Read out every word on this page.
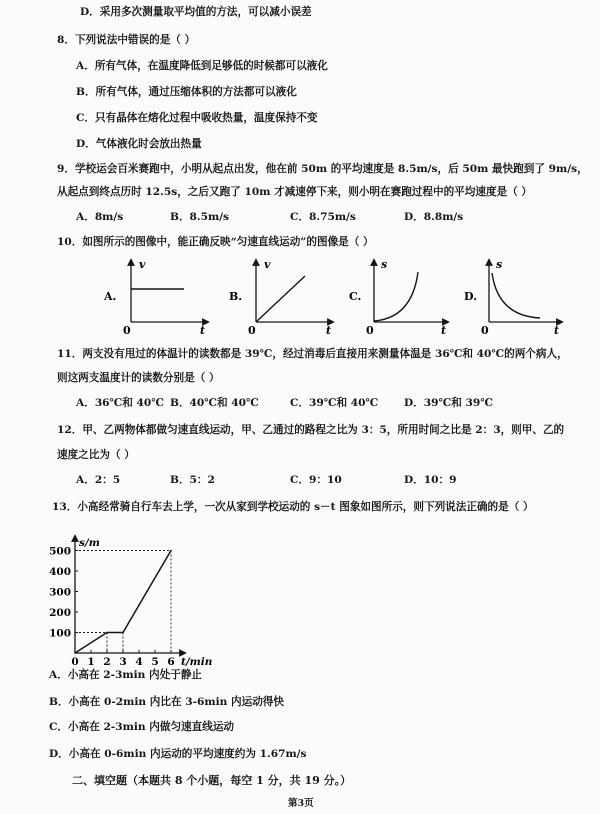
D．采用多次测量取平均值的方法，可以减小误差
8．下列说法中错误的是（ ）
A．所有气体，在温度降低到足够低的时候都可以液化
B．所有气体，通过压缩体积的方法都可以液化
C．只有晶体在熔化过程中吸收热量，温度保持不变
D．气体液化时会放出热量
9．学校运会百米赛跑中，小明从起点出发，他在前 50m 的平均速度是 8.5m/s，后 50m 最快跑到了 9m/s，
从起点到终点历时 12.5s，之后又跑了 10m 才减速停下来，则小明在赛跑过程中的平均速度是（ ）
A．8m/s	B．8.5m/s	C．8.75m/s	D．8.8m/s
10．如图所示的图像中，能正确反映“匀速直线运动”的图像是（ ）
A.
v
t
0
B.
v
t
0
C.
s
t
0
D.
s
t
0
11．两支没有甩过的体温计的读数都是 39℃，经过消毒后直接用来测量体温是 36℃和 40℃的两个病人，
则这两支温度计的读数分别是（ ）
A．36℃和 40℃ B．40℃和 40℃	C．39℃和 40℃ D．39℃和 39℃
12．甲、乙两物体都做匀速直线运动，甲、乙通过的路程之比为 3：5，所用时间之比是 2：3，则甲、乙的
速度之比为（ ）
A．2：5	B．5：2	C．9：10	D．10：9
13．小高经常骑自行车去上学，一次从家到学校运动的 s－t 图象如图所示，则下列说法正确的是（ ）
100
200
300
400
500
0 1 2 3 4 5 6
s/m
t/min
A．小高在 2-3min 内处于静止
B．小高在 0-2min 内比在 3-6min 内运动得快
C．小高在 2-3min 内做匀速直线运动
D．小高在 0-6min 内运动的平均速度约为 1.67m/s
二、填空题（本题共 8 个小题，每空 1 分，共 19 分。）
第3页
